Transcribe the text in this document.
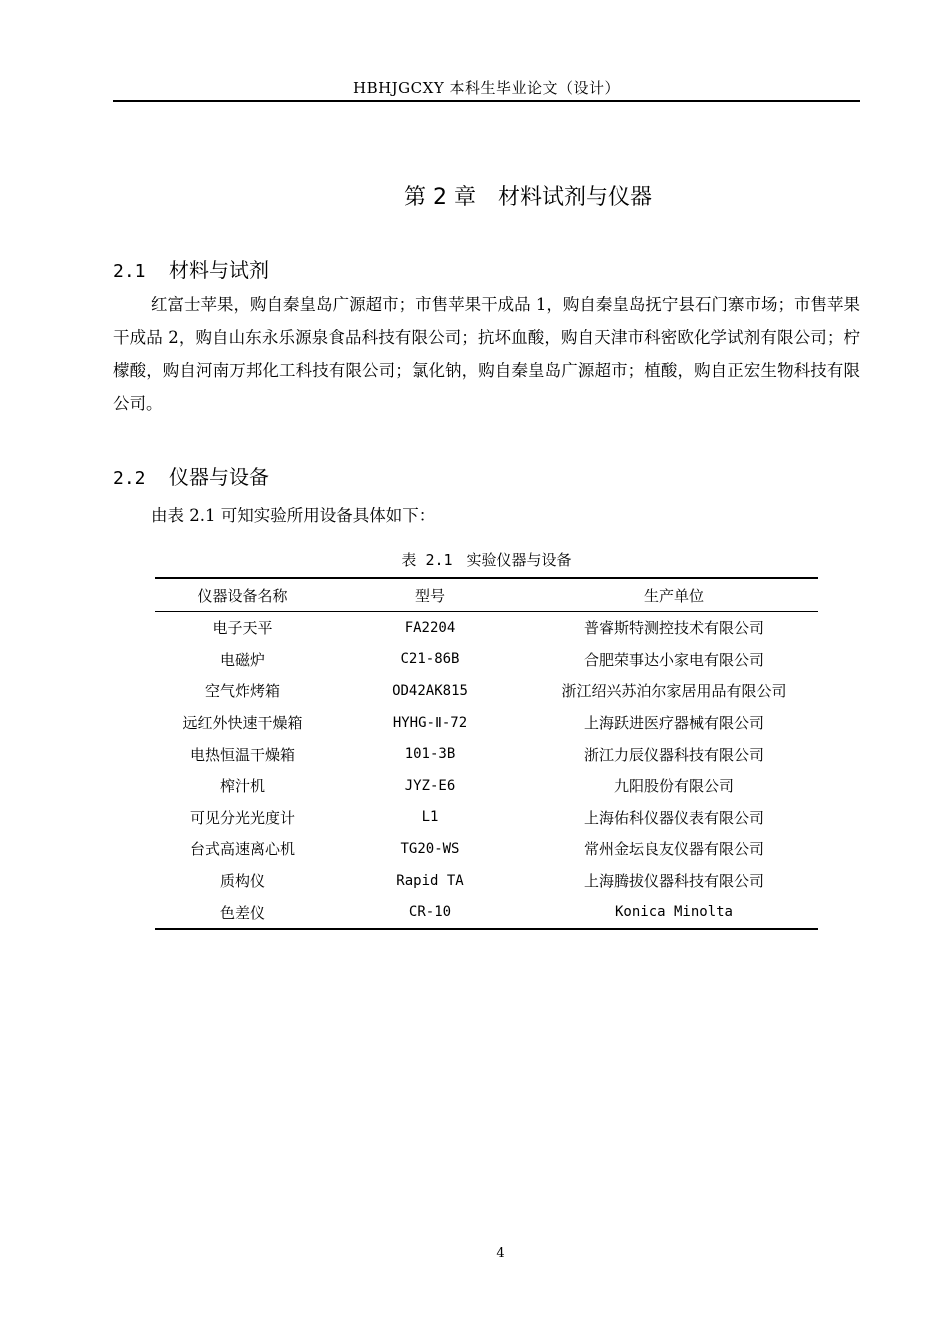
HBHJGCXY 本科生毕业论文（设计）
第 2 章　材料试剂与仪器
2.1 材料与试剂

红富士苹果，购自秦皇岛广源超市；市售苹果干成品 1，购自秦皇岛抚宁县石门寨市场；市售苹果干成品 2，购自山东永乐源泉食品科技有限公司；抗坏血酸，购自天津市科密欧化学试剂有限公司；柠檬酸，购自河南万邦化工科技有限公司；氯化钠，购自秦皇岛广源超市；植酸，购自正宏生物科技有限公司。

2.2 仪器与设备

由表 2.1 可知实验所用设备具体如下：

表 2.1 实验仪器与设备
仪器设备名称	型号	生产单位
电子天平	FA2204	普睿斯特测控技术有限公司
电磁炉	C21-86B	合肥荣事达小家电有限公司
空气炸烤箱	OD42AK815	浙江绍兴苏泊尔家居用品有限公司
远红外快速干燥箱	HYHG-Ⅱ-72	上海跃进医疗器械有限公司
电热恒温干燥箱	101-3B	浙江力辰仪器科技有限公司
榨汁机	JYZ-E6	九阳股份有限公司
可见分光光度计	L1	上海佑科仪器仪表有限公司
台式高速离心机	TG20-WS	常州金坛良友仪器有限公司
质构仪	Rapid TA	上海腾拔仪器科技有限公司
色差仪	CR-10	Konica Minolta
4
